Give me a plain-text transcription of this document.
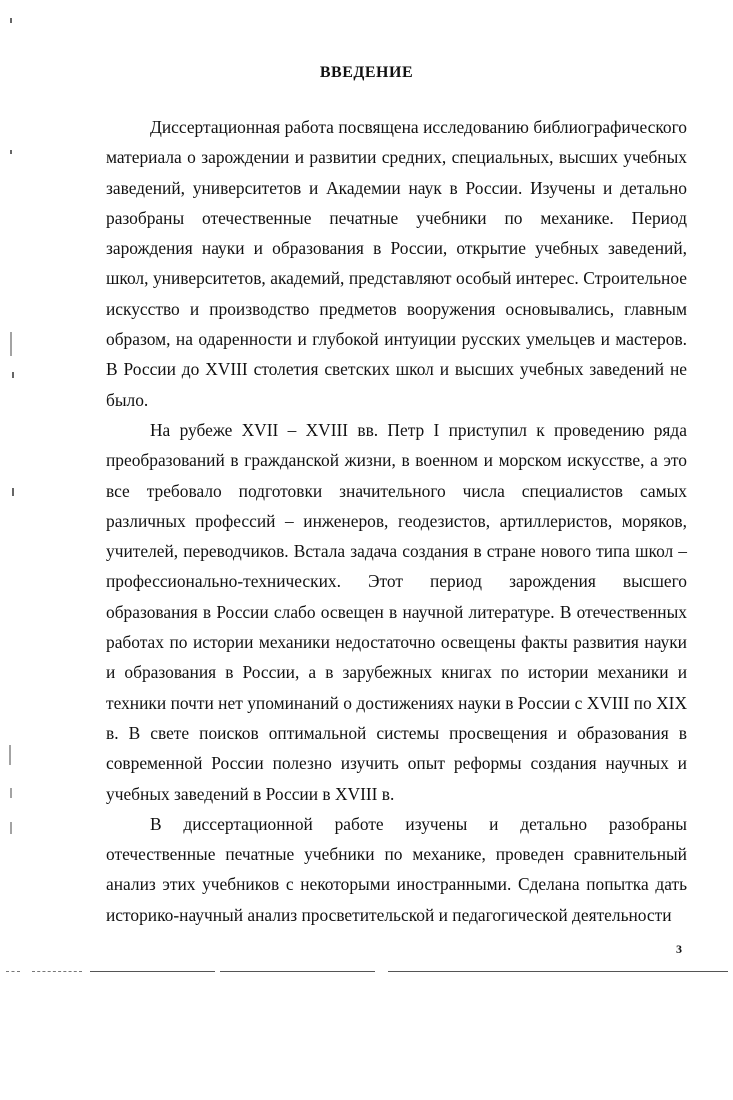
ВВЕДЕНИЕ

Диссертационная работа посвящена исследованию библиографического материала о зарождении и развитии средних, специальных, высших учебных заведений, университетов и Академии наук в России. Изучены и детально разобраны отечественные печатные учебники по механике. Период зарождения науки и образования в России, открытие учебных заведений, школ, университетов, академий, представляют особый интерес. Строительное искусство и производство предметов вооружения основывались, главным образом, на одаренности и глубокой интуиции русских умельцев и мастеров. В России до XVIII столетия светских школ и высших учебных заведений не было.

На рубеже XVII – XVIII вв. Петр I приступил к проведению ряда преобразований в гражданской жизни, в военном и морском искусстве, а это все требовало подготовки значительного числа специалистов самых различных профессий – инженеров, геодезистов, артиллеристов, моряков, учителей, переводчиков. Встала задача создания в стране нового типа школ – профессионально-технических. Этот период зарождения высшего образования в России слабо освещен в научной литературе. В отечественных работах по истории механики недостаточно освещены факты развития науки и образования в России, а в зарубежных книгах по истории механики и техники почти нет упоминаний о достижениях науки в России с XVIII по XIX в. В свете поисков оптимальной системы просвещения и образования в современной России полезно изучить опыт реформы создания научных и учебных заведений в России в XVIII в.

В диссертационной работе изучены и детально разобраны отечественные печатные учебники по механике, проведен сравнительный анализ этих учебников с некоторыми иностранными. Сделана попытка дать историко-научный анализ просветительской и педагогической деятельности

3
